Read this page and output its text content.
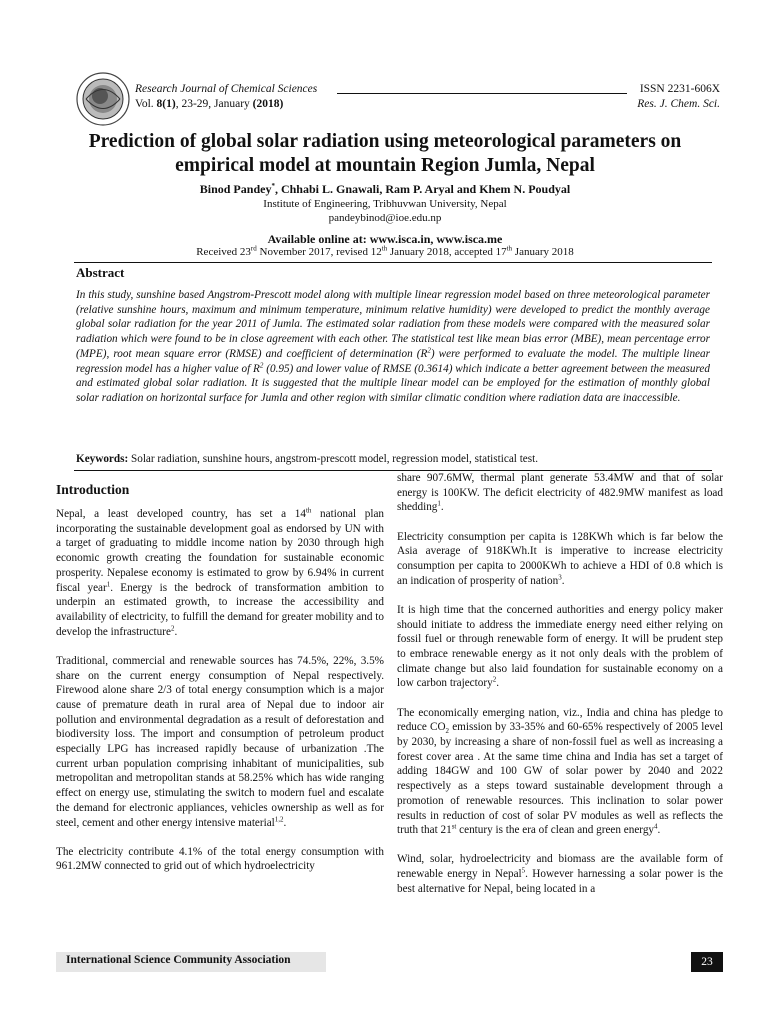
Research Journal of Chemical Sciences
Vol. 8(1), 23-29, January (2018)
ISSN 2231-606X
Res. J. Chem. Sci.
Prediction of global solar radiation using meteorological parameters on empirical model at mountain Region Jumla, Nepal
Binod Pandey*, Chhabi L. Gnawali, Ram P. Aryal and Khem N. Poudyal
Institute of Engineering, Tribhuvwan University, Nepal
pandeybinod@ioe.edu.np
Available online at: www.isca.in, www.isca.me
Received 23rd November 2017, revised 12th January 2018, accepted 17th January 2018
Abstract
In this study, sunshine based Angstrom-Prescott model along with multiple linear regression model based on three meteorological parameter (relative sunshine hours, maximum and minimum temperature, minimum relative humidity) were developed to predict the monthly average global solar radiation for the year 2011 of Jumla. The estimated solar radiation from these models were compared with the measured solar radiation which were found to be in close agreement with each other. The statistical test like mean bias error (MBE), mean percentage error (MPE), root mean square error (RMSE) and coefficient of determination $(R^2)$ were performed to evaluate the model. The multiple linear regression model has a higher value of $R^2$ (0.95) and lower value of RMSE (0.3614) which indicate a better agreement between the measured and estimated global solar radiation. It is suggested that the multiple linear model can be employed for the estimation of monthly global solar radiation on horizontal surface for Jumla and other region with similar climatic condition where radiation data are inaccessible.
Keywords: Solar radiation, sunshine hours, angstrom-prescott model, regression model, statistical test.
Introduction

Nepal, a least developed country, has set a 14th national plan incorporating the sustainable development goal as endorsed by UN with a target of graduating to middle income nation by 2030 through high economic growth creating the foundation for sustainable economic prosperity. Nepalese economy is estimated to grow by 6.94% in current fiscal year$^1$. Energy is the bedrock of transformation ambition to underpin an estimated growth, to increase the accessibility and availability of electricity, to fulfill the demand for greater mobility and to develop the infrastructure$^2$.

Traditional, commercial and renewable sources has 74.5%, 22%, 3.5% share on the current energy consumption of Nepal respectively. Firewood alone share 2/3 of total energy consumption which is a major cause of premature death in rural area of Nepal due to indoor air pollution and environmental degradation as a result of deforestation and biodiversity loss. The import and consumption of petroleum product especially LPG has increased rapidly because of urbanization .The current urban population comprising inhabitant of municipalities, sub metropolitan and metropolitan stands at 58.25% which has wide ranging effect on energy use, stimulating the switch to modern fuel and escalate the demand for electronic appliances, vehicles ownership as well as for steel, cement and other energy intensive material$^{1,2}$.

The electricity contribute 4.1% of the total energy consumption with 961.2MW connected to grid out of which hydroelectricity

share 907.6MW, thermal plant generate 53.4MW and that of solar energy is 100KW. The deficit electricity of 482.9MW manifest as load shedding$^1$.

Electricity consumption per capita is 128KWh which is far below the Asia average of 918KWh.It is imperative to increase electricity consumption per capita to 2000KWh to achieve a HDI of 0.8 which is an indication of prosperity of nation$^3$.

It is high time that the concerned authorities and energy policy maker should initiate to address the immediate energy need either relying on fossil fuel or through renewable form of energy. It will be prudent step to embrace renewable energy as it not only deals with the problem of climate change but also laid foundation for sustainable economy on a low carbon trajectory$^2$.

The economically emerging nation, viz., India and china has pledge to reduce $CO_2$ emission by 33-35% and 60-65% respectively of 2005 level by 2030, by increasing a share of non-fossil fuel as well as increasing a forest cover area . At the same time china and India has set a target of adding 184GW and 100 GW of solar power by 2040 and 2022 respectively as a steps toward sustainable development through a promotion of renewable resources. This inclination to solar power results in reduction of cost of solar PV modules as well as reflects the truth that 21st century is the era of clean and green energy$^4$.

Wind, solar, hydroelectricity and biomass are the available form of renewable energy in Nepal$^5$. However harnessing a solar power is the best alternative for Nepal, being located in a

International Science Community Association	23
